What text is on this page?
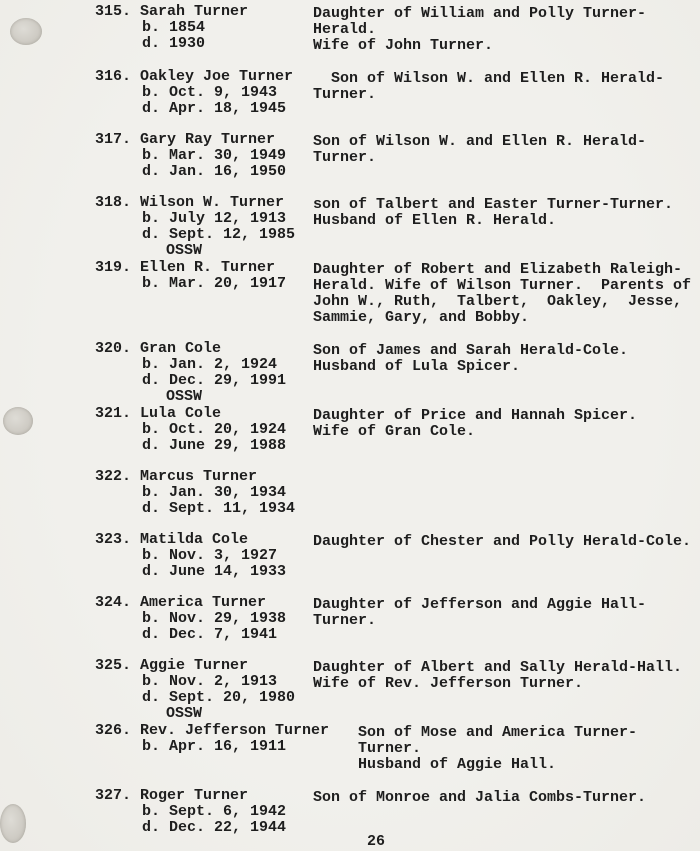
315. Sarah Turner
b. 1854
d. 1930
Daughter of William and Polly Turner-
Herald.
Wife of John Turner.
316. Oakley Joe Turner
b. Oct. 9, 1943
d. Apr. 18, 1945
Son of Wilson W. and Ellen R. Herald-
Turner.
317. Gary Ray Turner
b. Mar. 30, 1949
d. Jan. 16, 1950
Son of Wilson W. and Ellen R. Herald-
Turner.
318. Wilson W. Turner
b. July 12, 1913
d. Sept. 12, 1985
OSSW
son of Talbert and Easter Turner-Turner.
Husband of Ellen R. Herald.
319. Ellen R. Turner
b. Mar. 20, 1917
Daughter of Robert and Elizabeth Raleigh-
Herald. Wife of Wilson Turner.  Parents of
John W., Ruth,  Talbert,  Oakley,  Jesse,
Sammie, Gary, and Bobby.
320. Gran Cole
b. Jan. 2, 1924
d. Dec. 29, 1991
OSSW
Son of James and Sarah Herald-Cole.
Husband of Lula Spicer.
321. Lula Cole
b. Oct. 20, 1924
d. June 29, 1988
Daughter of Price and Hannah Spicer.
Wife of Gran Cole.
322. Marcus Turner
b. Jan. 30, 1934
d. Sept. 11, 1934
323. Matilda Cole
b. Nov. 3, 1927
d. June 14, 1933
Daughter of Chester and Polly Herald-Cole.
324. America Turner
b. Nov. 29, 1938
d. Dec. 7, 1941
Daughter of Jefferson and Aggie Hall-
Turner.
325. Aggie Turner
b. Nov. 2, 1913
d. Sept. 20, 1980
OSSW
Daughter of Albert and Sally Herald-Hall.
Wife of Rev. Jefferson Turner.
326. Rev. Jefferson Turner
b. Apr. 16, 1911
Son of Mose and America Turner-
Turner.
Husband of Aggie Hall.
327. Roger Turner
b. Sept. 6, 1942
d. Dec. 22, 1944
Son of Monroe and Jalia Combs-Turner.
26
